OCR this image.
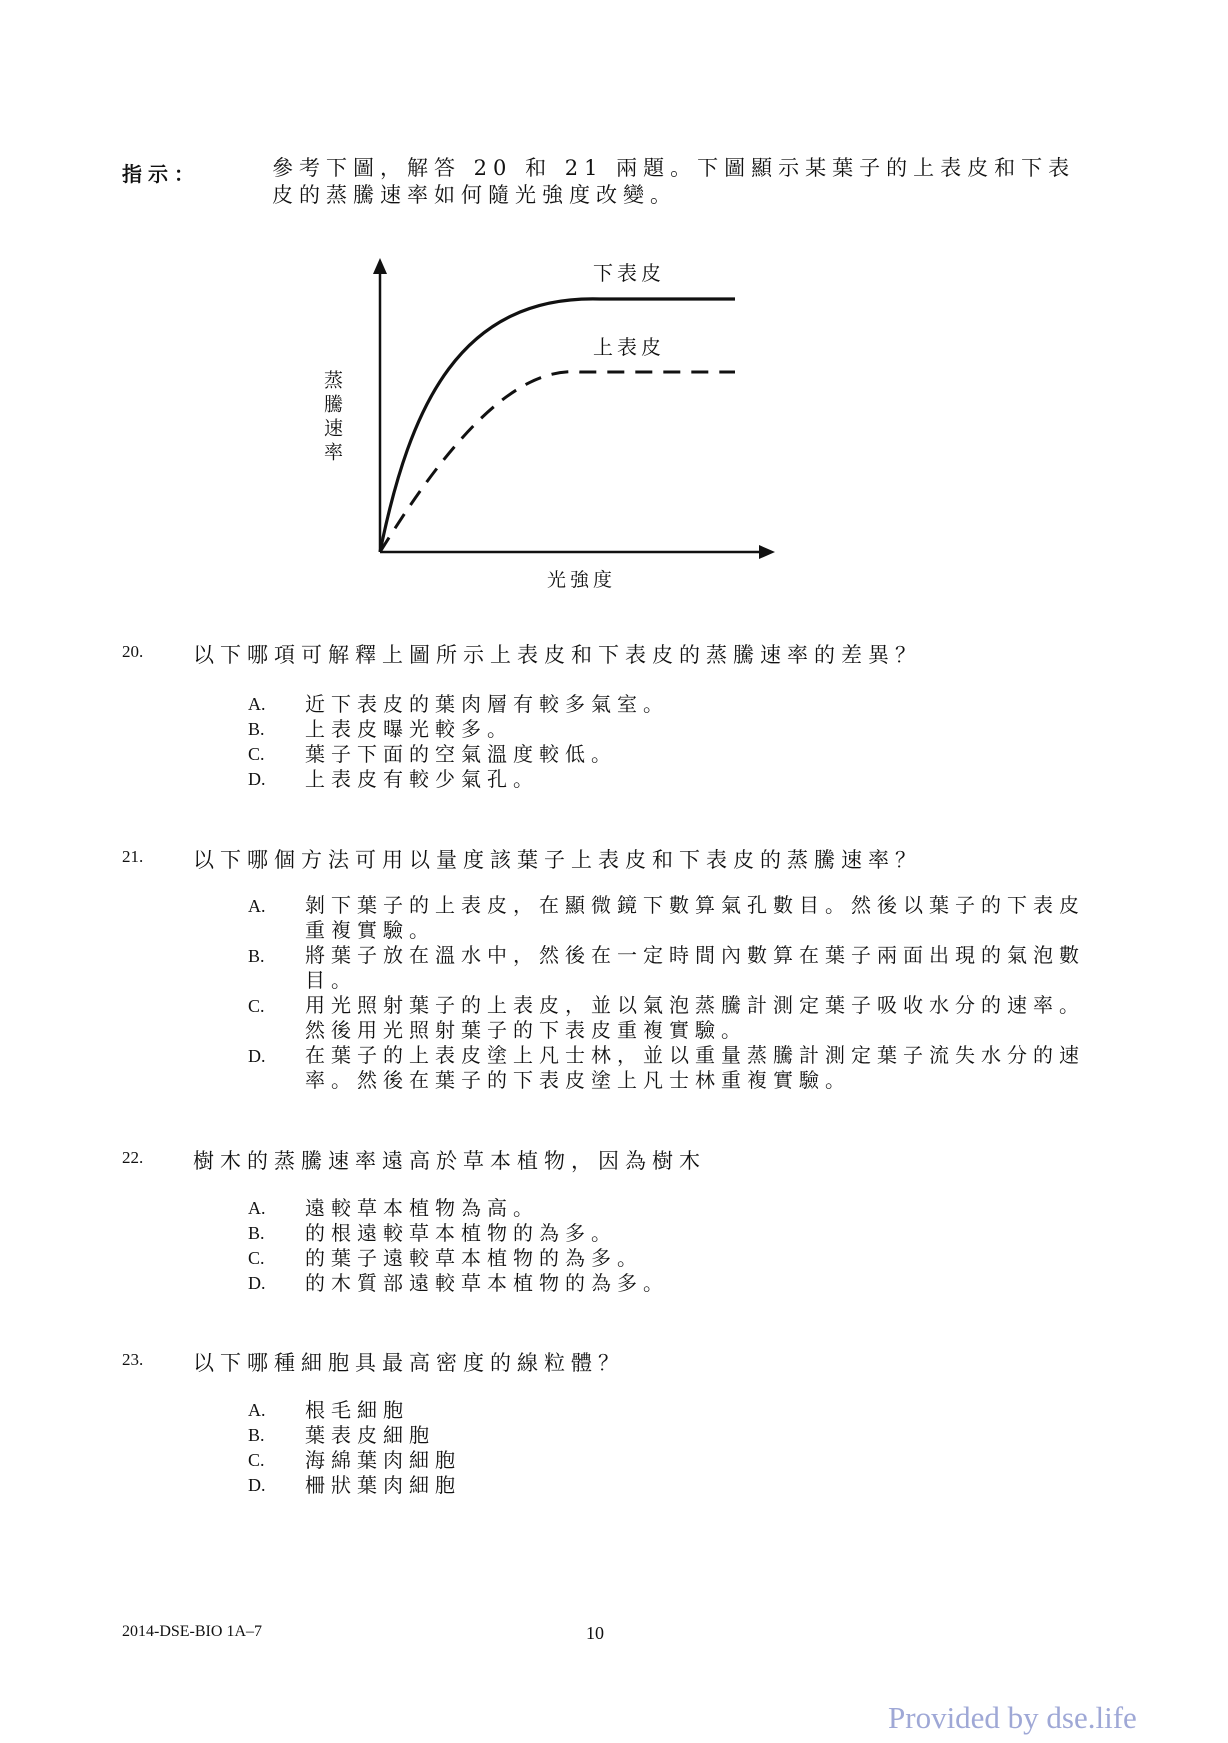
指示：	參考下圖，解答 20 和 21 兩題。下圖顯示某葉子的上表皮和下表皮的蒸騰速率如何隨光強度改變。
下表皮
上表皮
蒸騰速率
光強度
20. 以下哪項可解釋上圖所示上表皮和下表皮的蒸騰速率的差異？
A. 近下表皮的葉肉層有較多氣室。
B. 上表皮曝光較多。
C. 葉子下面的空氣溫度較低。
D. 上表皮有較少氣孔。
21. 以下哪個方法可用以量度該葉子上表皮和下表皮的蒸騰速率？
A. 剝下葉子的上表皮，在顯微鏡下數算氣孔數目。然後以葉子的下表皮重複實驗。
B. 將葉子放在溫水中，然後在一定時間內數算在葉子兩面出現的氣泡數目。
C. 用光照射葉子的上表皮，並以氣泡蒸騰計測定葉子吸收水分的速率。然後用光照射葉子的下表皮重複實驗。
D. 在葉子的上表皮塗上凡士林，並以重量蒸騰計測定葉子流失水分的速率。然後在葉子的下表皮塗上凡士林重複實驗。
22. 樹木的蒸騰速率遠高於草本植物，因為樹木
A. 遠較草本植物為高。
B. 的根遠較草本植物的為多。
C. 的葉子遠較草本植物的為多。
D. 的木質部遠較草本植物的為多。
23. 以下哪種細胞具最高密度的線粒體？
A. 根毛細胞
B. 葉表皮細胞
C. 海綿葉肉細胞
D. 柵狀葉肉細胞
2014-DSE-BIO 1A–7	10
Provided by dse.life
